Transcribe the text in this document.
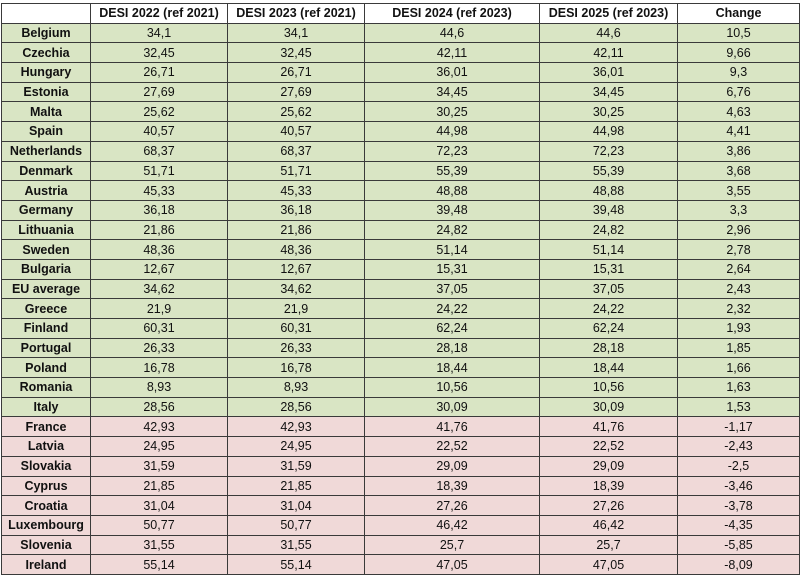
	DESI 2022 (ref 2021)	DESI 2023 (ref 2021)	DESI 2024 (ref 2023)	DESI 2025 (ref 2023)	Change
Belgium	34,1	34,1	44,6	44,6	10,5
Czechia	32,45	32,45	42,11	42,11	9,66
Hungary	26,71	26,71	36,01	36,01	9,3
Estonia	27,69	27,69	34,45	34,45	6,76
Malta	25,62	25,62	30,25	30,25	4,63
Spain	40,57	40,57	44,98	44,98	4,41
Netherlands	68,37	68,37	72,23	72,23	3,86
Denmark	51,71	51,71	55,39	55,39	3,68
Austria	45,33	45,33	48,88	48,88	3,55
Germany	36,18	36,18	39,48	39,48	3,3
Lithuania	21,86	21,86	24,82	24,82	2,96
Sweden	48,36	48,36	51,14	51,14	2,78
Bulgaria	12,67	12,67	15,31	15,31	2,64
EU average	34,62	34,62	37,05	37,05	2,43
Greece	21,9	21,9	24,22	24,22	2,32
Finland	60,31	60,31	62,24	62,24	1,93
Portugal	26,33	26,33	28,18	28,18	1,85
Poland	16,78	16,78	18,44	18,44	1,66
Romania	8,93	8,93	10,56	10,56	1,63
Italy	28,56	28,56	30,09	30,09	1,53
France	42,93	42,93	41,76	41,76	-1,17
Latvia	24,95	24,95	22,52	22,52	-2,43
Slovakia	31,59	31,59	29,09	29,09	-2,5
Cyprus	21,85	21,85	18,39	18,39	-3,46
Croatia	31,04	31,04	27,26	27,26	-3,78
Luxembourg	50,77	50,77	46,42	46,42	-4,35
Slovenia	31,55	31,55	25,7	25,7	-5,85
Ireland	55,14	55,14	47,05	47,05	-8,09
